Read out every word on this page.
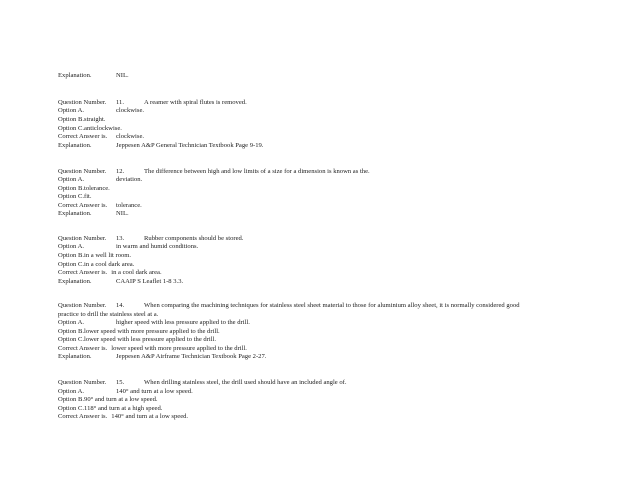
Explanation.	NIL.
Question Number. 11.	A reamer with spiral flutes is removed.
Option A.	clockwise.
Option B.straight.
Option C.anticlockwise.
Correct Answer is. clockwise.
Explanation.	Jeppesen A&P General Technician Textbook Page 9-19.
Question Number. 12.	The difference between high and low limits of a size for a dimension is known as the.
Option A.	deviation.
Option B.tolerance.
Option C.fit.
Correct Answer is. tolerance.
Explanation.	NIL.
Question Number. 13.	Rubber components should be stored.
Option A.	in warm and humid conditions.
Option B.in a well lit room.
Option C.in a cool dark area.
Correct Answer is. in a cool dark area.
Explanation.	CAAIP S Leaflet 1-8 3.3.
Question Number. 14.	When comparing the machining techniques for stainless steel sheet material to those for aluminium alloy sheet, it is normally considered good
practice to drill the stainless steel at a.
Option A.	higher speed with less pressure applied to the drill.
Option B.lower speed with more pressure applied to the drill.
Option C.lower speed with less pressure applied to the drill.
Correct Answer is. lower speed with more pressure applied to the drill.
Explanation.	Jeppesen A&P Airframe Technician Textbook Page 2-27.
Question Number. 15.	When drilling stainless steel, the drill used should have an included angle of.
Option A.	140° and turn at a low speed.
Option B.90° and turn at a low speed.
Option C.118° and turn at a high speed.
Correct Answer is. 140° and turn at a low speed.
